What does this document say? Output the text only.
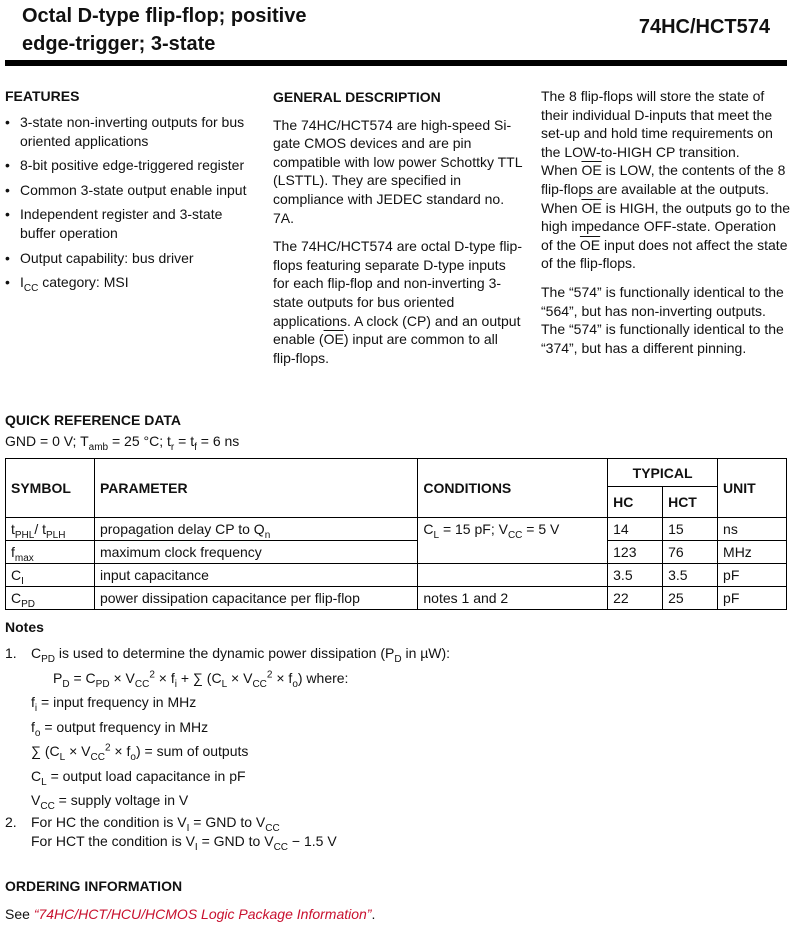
Octal D-type flip-flop; positive
edge-trigger; 3-state
74HC/HCT574
FEATURES
• 3-state non-inverting outputs for bus oriented applications
• 8-bit positive edge-triggered register
• Common 3-state output enable input
• Independent register and 3-state buffer operation
• Output capability: bus driver
• $I_{CC}$ category: MSI
GENERAL DESCRIPTION

The 74HC/HCT574 are high-speed Si-gate CMOS devices and are pin compatible with low power Schottky TTL (LSTTL). They are specified in compliance with JEDEC standard no. 7A.

The 74HC/HCT574 are octal D-type flip-flops featuring separate D-type inputs for each flip-flop and non-inverting 3-state outputs for bus oriented applications. A clock (CP) and an output enable $(\overline{OE})$ input are common to all flip-flops.

The 8 flip-flops will store the state of their individual D-inputs that meet the set-up and hold time requirements on the LOW-to-HIGH CP transition.
When $\overline{OE}$ is LOW, the contents of the 8 flip-flops are available at the outputs.
When $\overline{OE}$ is HIGH, the outputs go to the high impedance OFF-state. Operation of the $\overline{OE}$ input does not affect the state of the flip-flops.

The “574” is functionally identical to the “564”, but has non-inverting outputs.
The “574” is functionally identical to the “374”, but has a different pinning.

QUICK REFERENCE DATA
GND = 0 V; $T_{amb} = 25$ °C; $t_r = t_f = 6$ ns
SYMBOL	PARAMETER	CONDITIONS	TYPICAL		UNIT
			HC	HCT	
$t_{PHL}/$ $t_{PLH}$	propagation delay CP to $Q_n$	$C_L = 15$ pF; $V_{CC} = 5$ V	14	15	ns
$f_{max}$	maximum clock frequency		123	76	MHz
$C_I$	input capacitance		3.5	3.5	pF
$C_{PD}$	power dissipation capacitance per flip-flop	notes 1 and 2	22	25	pF
Notes
1. $C_{PD}$ is used to determine the dynamic power dissipation ($P_D$ in µW):
$P_D = C_{PD} \times V_{CC}^2 \times f_i$ + ∑ $(C_L \times V_{CC}^2 \times f_o)$ where:
$f_i$ = input frequency in MHz
$f_o$ = output frequency in MHz
∑ $(C_L \times V_{CC}^2 \times f_o)$ = sum of outputs
$C_L$ = output load capacitance in pF
$V_{CC}$ = supply voltage in V
2. For HC the condition is $V_I$ = GND to $V_{CC}$
For HCT the condition is $V_I$ = GND to $V_{CC} - 1.5$ V
ORDERING INFORMATION
See “74HC/HCT/HCU/HCMOS Logic Package Information”.
